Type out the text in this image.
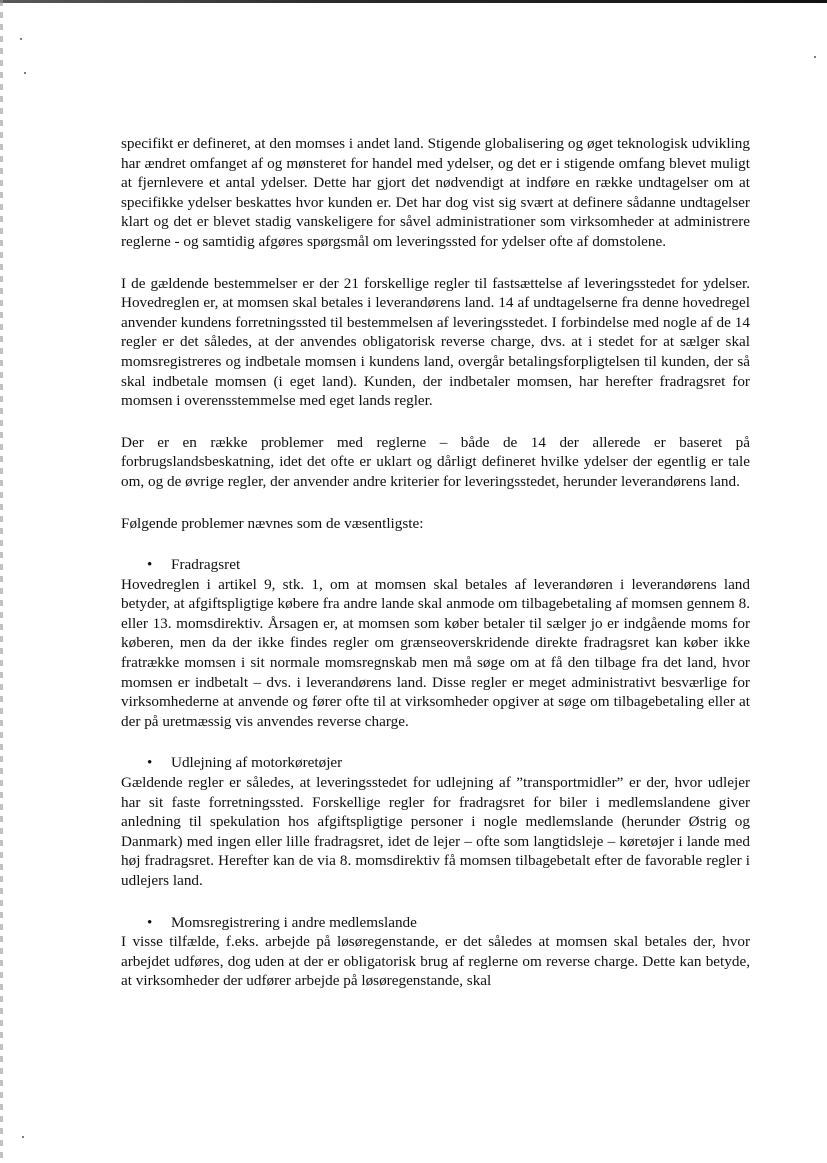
specifikt er defineret, at den momses i andet land. Stigende globalisering og øget teknologisk udvikling har ændret omfanget af og mønsteret for handel med ydelser, og det er i stigende omfang blevet muligt at fjernlevere et antal ydelser. Dette har gjort det nødvendigt at indføre en række undtagelser om at specifikke ydelser beskattes hvor kunden er. Det har dog vist sig svært at definere sådanne undtagelser klart og det er blevet stadig vanskeligere for såvel administrationer som virksomheder at administrere reglerne - og samtidig afgøres spørgsmål om leveringssted for ydelser ofte af domstolene.

I de gældende bestemmelser er der 21 forskellige regler til fastsættelse af leveringsstedet for ydelser. Hovedreglen er, at momsen skal betales i leverandørens land. 14 af undtagelserne fra denne hovedregel anvender kundens forretningssted til bestemmelsen af leveringsstedet. I forbindelse med nogle af de 14 regler er det således, at der anvendes obligatorisk reverse charge, dvs. at i stedet for at sælger skal momsregistreres og indbetale momsen i kundens land, overgår betalingsforpligtelsen til kunden, der så skal indbetale momsen (i eget land). Kunden, der indbetaler momsen, har herefter fradragsret for momsen i overensstemmelse med eget lands regler.

Der er en række problemer med reglerne – både de 14 der allerede er baseret på forbrugslandsbeskatning, idet det ofte er uklart og dårligt defineret hvilke ydelser der egentlig er tale om, og de øvrige regler, der anvender andre kriterier for leveringsstedet, herunder leverandørens land.

Følgende problemer nævnes som de væsentligste:

• Fradragsret

Hovedreglen i artikel 9, stk. 1, om at momsen skal betales af leverandøren i leverandørens land betyder, at afgiftspligtige købere fra andre lande skal anmode om tilbagebetaling af momsen gennem 8. eller 13. momsdirektiv. Årsagen er, at momsen som køber betaler til sælger jo er indgående moms for køberen, men da der ikke findes regler om grænseoverskridende direkte fradragsret kan køber ikke fratrække momsen i sit normale momsregnskab men må søge om at få den tilbage fra det land, hvor momsen er indbetalt – dvs. i leverandørens land. Disse regler er meget administrativt besværlige for virksomhederne at anvende og fører ofte til at virksomheder opgiver at søge om tilbagebetaling eller at der på uretmæssig vis anvendes reverse charge.

• Udlejning af motorkøretøjer

Gældende regler er således, at leveringsstedet for udlejning af ”transportmidler” er der, hvor udlejer har sit faste forretningssted. Forskellige regler for fradragsret for biler i medlemslandene giver anledning til spekulation hos afgiftspligtige personer i nogle medlemslande (herunder Østrig og Danmark) med ingen eller lille fradragsret, idet de lejer – ofte som langtidsleje – køretøjer i lande med høj fradragsret. Herefter kan de via 8. momsdirektiv få momsen tilbagebetalt efter de favorable regler i udlejers land.

• Momsregistrering i andre medlemslande

I visse tilfælde, f.eks. arbejde på løsøregenstande, er det således at momsen skal betales der, hvor arbejdet udføres, dog uden at der er obligatorisk brug af reglerne om reverse charge. Dette kan betyde, at virksomheder der udfører arbejde på løsøregenstande, skal
